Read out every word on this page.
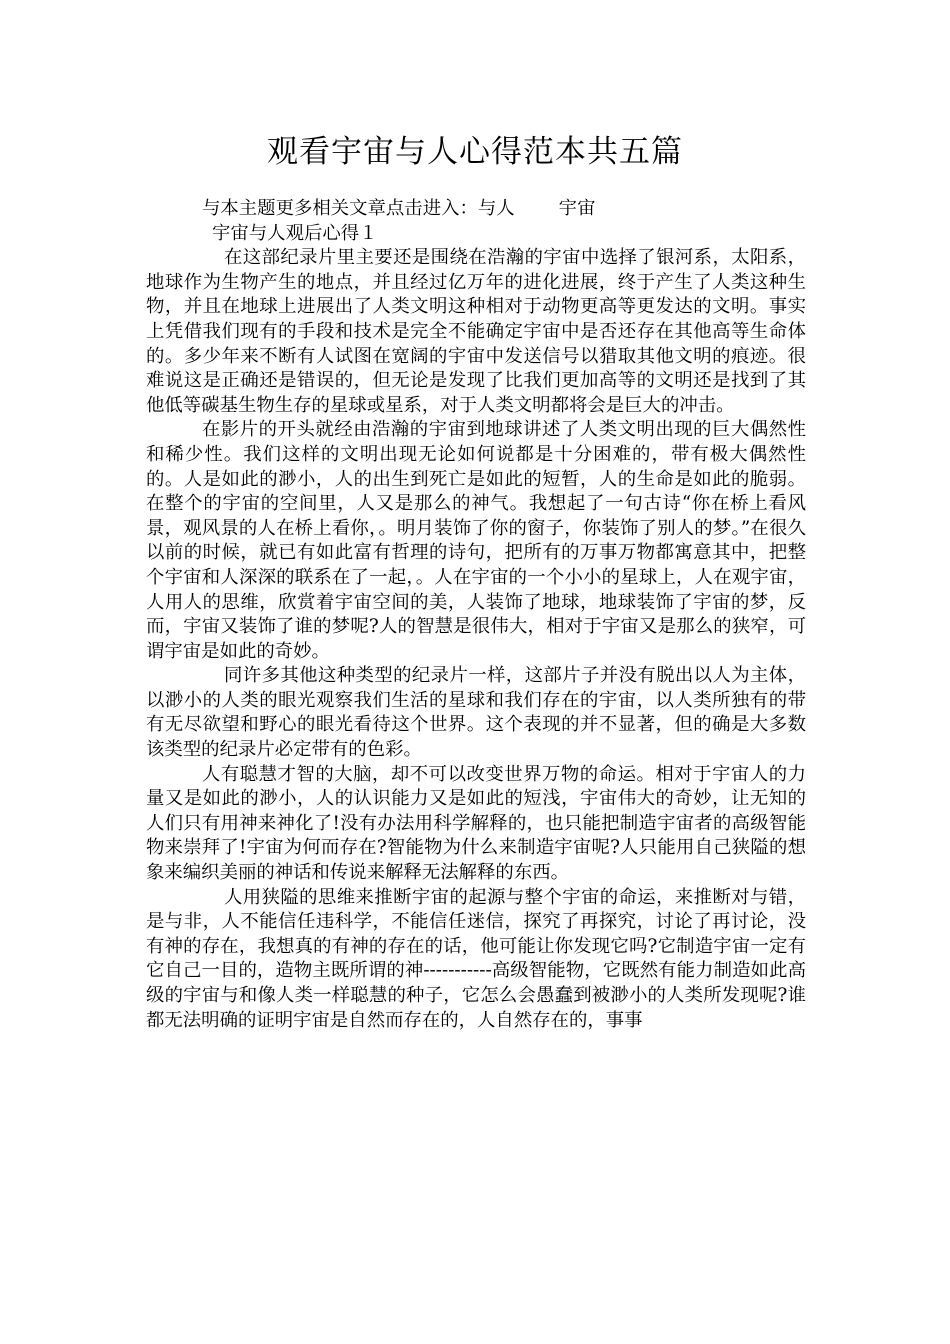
观看宇宙与人心得范本共五篇

与本主题更多相关文章点击进入：与人 宇宙

宇宙与人观后心得１

在这部纪录片里主要还是围绕在浩瀚的宇宙中选择了银河系，太阳系，地球作为生物产生的地点，并且经过亿万年的进化进展，终于产生了人类这种生物，并且在地球上进展出了人类文明这种相对于动物更高等更发达的文明。事实上凭借我们现有的手段和技术是完全不能确定宇宙中是否还存在其他高等生命体的。多少年来不断有人试图在宽阔的宇宙中发送信号以猎取其他文明的痕迹。很难说这是正确还是错误的，但无论是发现了比我们更加高等的文明还是找到了其他低等碳基生物生存的星球或星系，对于人类文明都将会是巨大的冲击。

在影片的开头就经由浩瀚的宇宙到地球讲述了人类文明出现的巨大偶然性和稀少性。我们这样的文明出现无论如何说都是十分困难的，带有极大偶然性的。人是如此的渺小，人的出生到死亡是如此的短暂，人的生命是如此的脆弱。在整个的宇宙的空间里，人又是那么的神气。我想起了一句古诗“你在桥上看风景，观风景的人在桥上看你，。明月装饰了你的窗子，你装饰了别人的梦。”在很久以前的时候，就已有如此富有哲理的诗句，把所有的万事万物都寓意其中，把整个宇宙和人深深的联系在了一起，。人在宇宙的一个小小的星球上，人在观宇宙，人用人的思维，欣赏着宇宙空间的美，人装饰了地球，地球装饰了宇宙的梦，反而，宇宙又装饰了谁的梦呢?人的智慧是很伟大，相对于宇宙又是那么的狭窄，可谓宇宙是如此的奇妙。

同许多其他这种类型的纪录片一样，这部片子并没有脱出以人为主体，以渺小的人类的眼光观察我们生活的星球和我们存在的宇宙，以人类所独有的带有无尽欲望和野心的眼光看待这个世界。这个表现的并不显著，但的确是大多数该类型的纪录片必定带有的色彩。

人有聪慧才智的大脑，却不可以改变世界万物的命运。相对于宇宙人的力量又是如此的渺小，人的认识能力又是如此的短浅，宇宙伟大的奇妙，让无知的人们只有用神来神化了!没有办法用科学解释的，也只能把制造宇宙者的高级智能物来崇拜了!宇宙为何而存在?智能物为什么来制造宇宙呢?人只能用自己狭隘的想象来编织美丽的神话和传说来解释无法解释的东西。

人用狭隘的思维来推断宇宙的起源与整个宇宙的命运，来推断对与错，是与非，人不能信任违科学，不能信任迷信，探究了再探究，讨论了再讨论，没有神的存在，我想真的有神的存在的话，他可能让你发现它吗?它制造宇宙一定有它自己一目的，造物主既所谓的神-----------高级智能物，它既然有能力制造如此高级的宇宙与和像人类一样聪慧的种子，它怎么会愚蠢到被渺小的人类所发现呢?谁都无法明确的证明宇宙是自然而存在的，人自然存在的，事事
